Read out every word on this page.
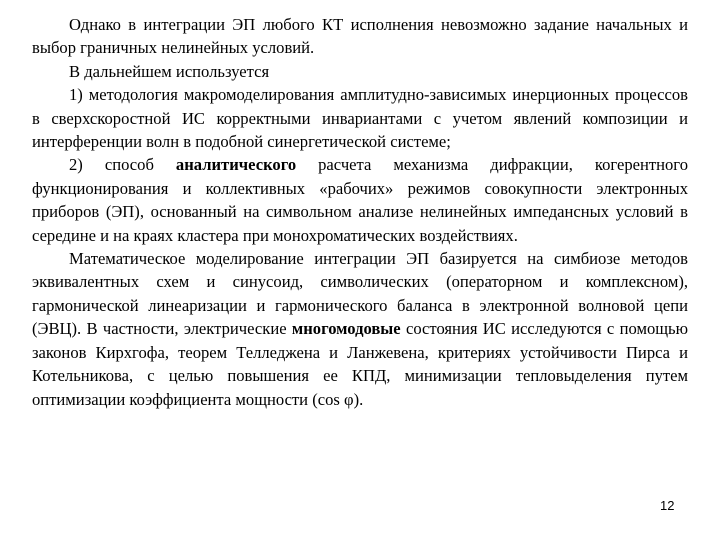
Однако в интеграции ЭП любого КТ исполнения невозможно задание начальных и выбор граничных нелинейных условий.

В дальнейшем используется

1) методология макромоделирования амплитудно-зависимых инерционных процессов в сверхскоростной ИС корректными инвариантами с учетом явлений композиции и интерференции волн в подобной синергетической системе;

2) способ аналитического расчета механизма дифракции, когерентного функционирования и коллективных «рабочих» режимов совокупности электронных приборов (ЭП), основанный на символьном анализе нелинейных импедансных условий в середине и на краях кластера при монохроматических воздействиях.

Математическое моделирование интеграции ЭП базируется на симбиозе методов эквивалентных схем и синусоид, символических (операторном и комплексном), гармонической линеаризации и гармонического баланса в электронной волновой цепи (ЭВЦ). В частности, электрические многомодовые состояния ИС исследуются с помощью законов Кирхгофа, теорем Телледжена и Ланжевена, критериях устойчивости Пирса и Котельникова, с целью повышения ее КПД, минимизации тепловыделения путем оптимизации коэффициента мощности (cos φ).

12
